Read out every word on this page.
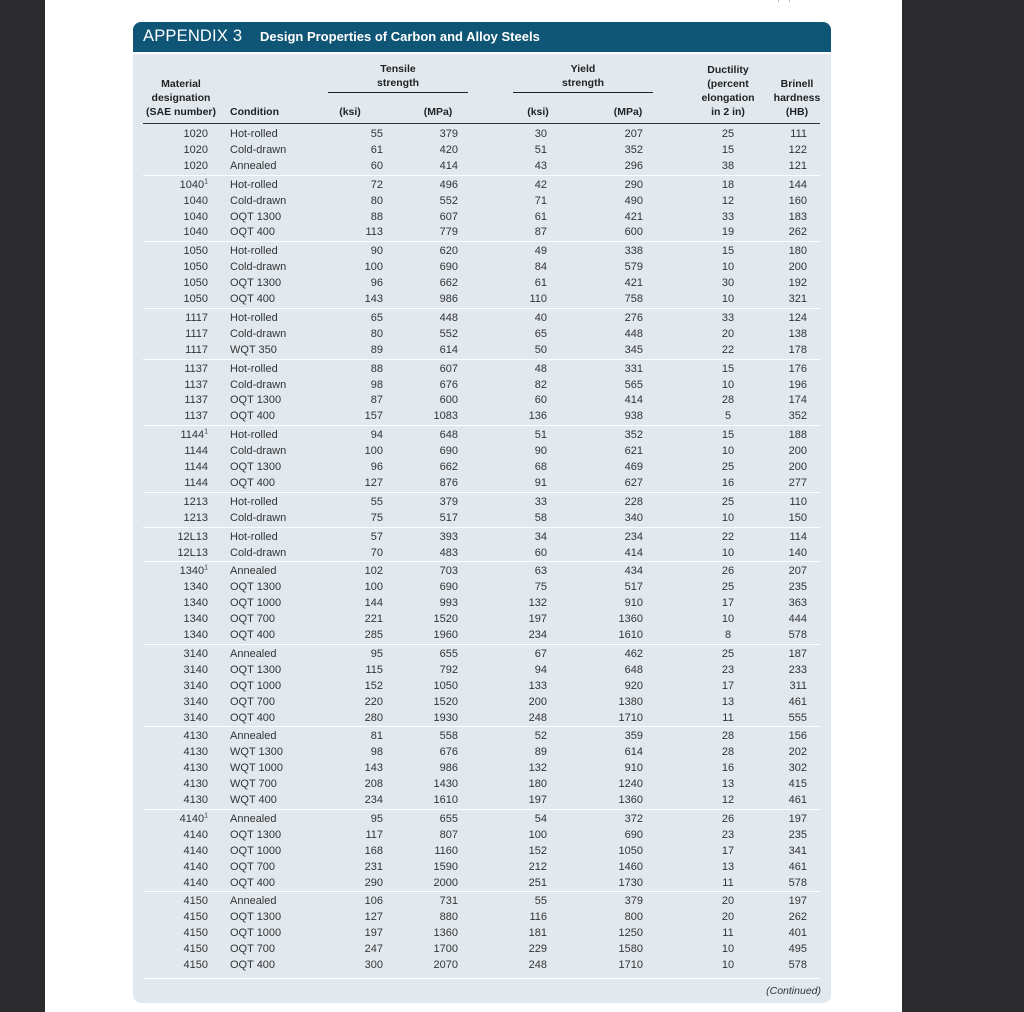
APPENDIX 3 Design Properties of Carbon and Alloy Steels
Material
designation
(SAE number)	Condition
Tensile
strength
(ksi)	(MPa)
Yield
strength
(ksi)	(MPa)
Ductility
(percent
elongation
in 2 in)
Brinell
hardness
(HB)
1020 Hot-rolled	55	379	30	207	25	111
1020 Cold-drawn	61	420	51	352	15	122
1020 Annealed	60	414	43	296	38	121
1040$^1$ Hot-rolled	72	496	42	290	18	144
1040 Cold-drawn	80	552	71	490	12	160
1040 OQT 1300	88	607	61	421	33	183
1040 OQT 400	113	779	87	600	19	262
1050 Hot-rolled	90	620	49	338	15	180
1050 Cold-drawn	100	690	84	579	10	200
1050 OQT 1300	96	662	61	421	30	192
1050 OQT 400	143	986	110	758	10	321
1117 Hot-rolled	65	448	40	276	33	124
1117 Cold-drawn	80	552	65	448	20	138
1117 WQT 350	89	614	50	345	22	178
1137 Hot-rolled	88	607	48	331	15	176
1137 Cold-drawn	98	676	82	565	10	196
1137 OQT 1300	87	600	60	414	28	174
1137 OQT 400	157	1083	136	938	5	352
1144$^1$ Hot-rolled	94	648	51	352	15	188
1144 Cold-drawn	100	690	90	621	10	200
1144 OQT 1300	96	662	68	469	25	200
1144 OQT 400	127	876	91	627	16	277
1213 Hot-rolled	55	379	33	228	25	110
1213 Cold-drawn	75	517	58	340	10	150
12L13 Hot-rolled	57	393	34	234	22	114
12L13 Cold-drawn	70	483	60	414	10	140
1340$^1$ Annealed	102	703	63	434	26	207
1340 OQT 1300	100	690	75	517	25	235
1340 OQT 1000	144	993	132	910	17	363
1340 OQT 700	221	1520	197	1360	10	444
1340 OQT 400	285	1960	234	1610	8	578
3140 Annealed	95	655	67	462	25	187
3140 OQT 1300	115	792	94	648	23	233
3140 OQT 1000	152	1050	133	920	17	311
3140 OQT 700	220	1520	200	1380	13	461
3140 OQT 400	280	1930	248	1710	11	555
4130 Annealed	81	558	52	359	28	156
4130 WQT 1300	98	676	89	614	28	202
4130 WQT 1000	143	986	132	910	16	302
4130 WQT 700	208	1430	180	1240	13	415
4130 WQT 400	234	1610	197	1360	12	461
4140$^1$ Annealed	95	655	54	372	26	197
4140 OQT 1300	117	807	100	690	23	235
4140 OQT 1000	168	1160	152	1050	17	341
4140 OQT 700	231	1590	212	1460	13	461
4140 OQT 400	290	2000	251	1730	11	578
4150 Annealed	106	731	55	379	20	197
4150 OQT 1300	127	880	116	800	20	262
4150 OQT 1000	197	1360	181	1250	11	401
4150 OQT 700	247	1700	229	1580	10	495
4150 OQT 400	300	2070	248	1710	10	578
(Continued)
